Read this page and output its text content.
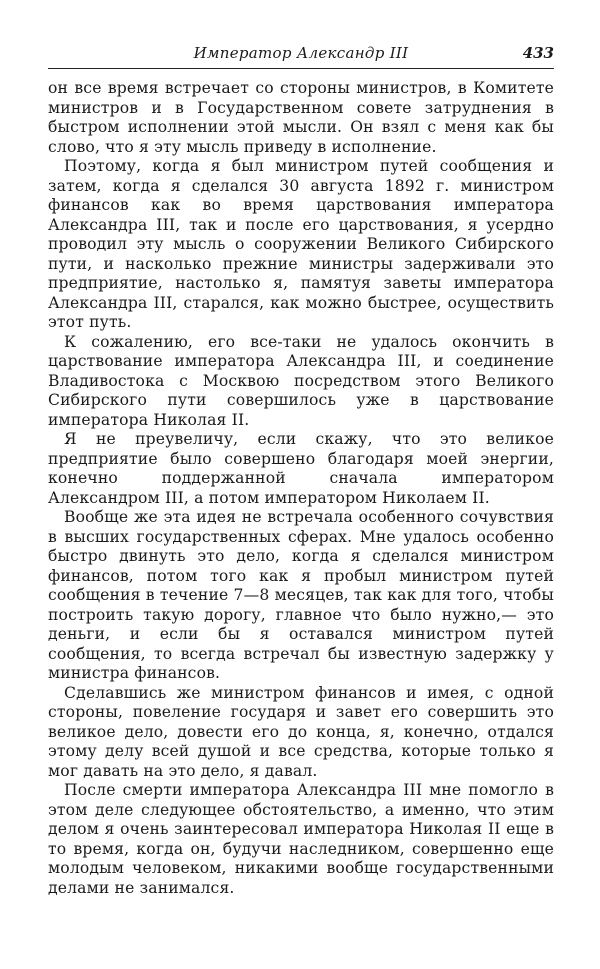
Император Александр III	433

он все время встречает со стороны министров, в Комитете министров и в Государственном совете затруднения в быстром исполнении этой мысли. Он взял с меня как бы слово, что я эту мысль приведу в исполнение.

Поэтому, когда я был министром путей сообщения и затем, когда я сделался 30 августа 1892 г. министром финансов как во время царствования императора Александра III, так и после его царствования, я усердно проводил эту мысль о сооружении Великого Сибирского пути, и насколько прежние министры задерживали это предприятие, настолько я, памятуя заветы императора Александра III, старался, как можно быстрее, осуществить этот путь.

К сожалению, его все-таки не удалось окончить в царствование императора Александра III, и соединение Владивостока с Москвою посредством этого Великого Сибирского пути совершилось уже в царствование императора Николая II.

Я не преувеличу, если скажу, что это великое предприятие было совершено благодаря моей энергии, конечно поддержанной сначала императором Александром III, а потом императором Николаем II.

Вообще же эта идея не встречала особенного сочувствия в высших государственных сферах. Мне удалось особенно быстро двинуть это дело, когда я сделался министром финансов, потом того как я пробыл министром путей сообщения в течение 7—8 месяцев, так как для того, чтобы построить такую дорогу, главное что было нужно,— это деньги, и если бы я оставался министром путей сообщения, то всегда встречал бы известную задержку у министра финансов.

Сделавшись же министром финансов и имея, с одной стороны, повеление государя и завет его совершить это великое дело, довести его до конца, я, конечно, отдался этому делу всей душой и все средства, которые только я мог давать на это дело, я давал.

После смерти императора Александра III мне помогло в этом деле следующее обстоятельство, а именно, что этим делом я очень заинтересовал императора Николая II еще в то время, когда он, будучи наследником, совершенно еще молодым человеком, никакими вообще государственными делами не занимался.
